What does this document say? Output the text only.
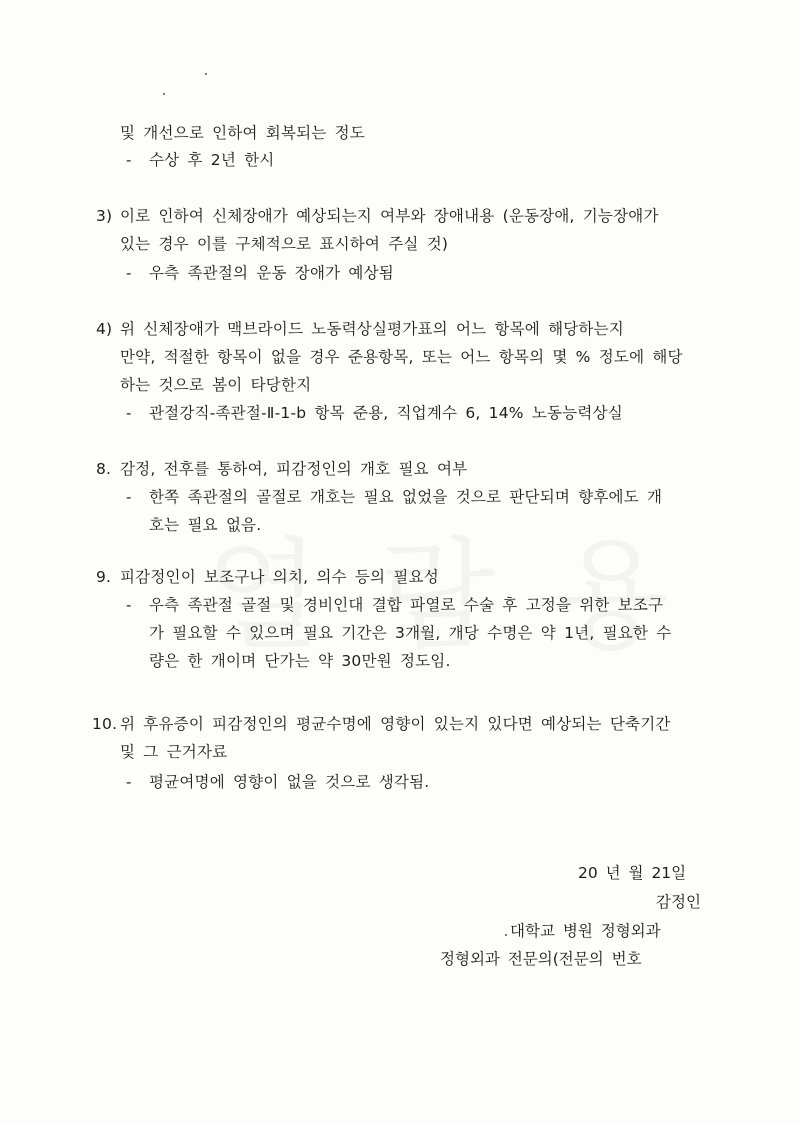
및 개선으로 인하여 회복되는 정도
- 수상 후 2년 한시
3) 이로 인하여 신체장애가 예상되는지 여부와 장애내용 (운동장애, 기능장애가
있는 경우 이를 구체적으로 표시하여 주실 것)
- 우측 족관절의 운동 장애가 예상됨
4) 위 신체장애가 맥브라이드 노동력상실평가표의 어느 항목에 해당하는지
만약, 적절한 항목이 없을 경우 준용항목, 또는 어느 항목의 몇 % 정도에 해당
하는 것으로 봄이 타당한지
- 관절강직-족관절-Ⅱ-1-b 항목 준용, 직업계수 6, 14% 노동능력상실
8. 감정, 전후를 통하여, 피감정인의 개호 필요 여부
- 한쪽 족관절의 골절로 개호는 필요 없었을 것으로 판단되며 향후에도 개
호는 필요 없음.
9. 피감정인이 보조구나 의치, 의수 등의 필요성
- 우측 족관절 골절 및 경비인대 결합 파열로 수술 후 고정을 위한 보조구
가 필요할 수 있으며 필요 기간은 3개월, 개당 수명은 약 1년, 필요한 수
량은 한 개이며 단가는 약 30만원 정도임.
10. 위 후유증이 피감정인의 평균수명에 영향이 있는지 있다면 예상되는 단축기간
및 그 근거자료
- 평균여명에 영향이 없을 것으로 생각됨.
20 년 월 21일
감정인
대학교 병원 정형외과
정형외과 전문의(전문의 번호
